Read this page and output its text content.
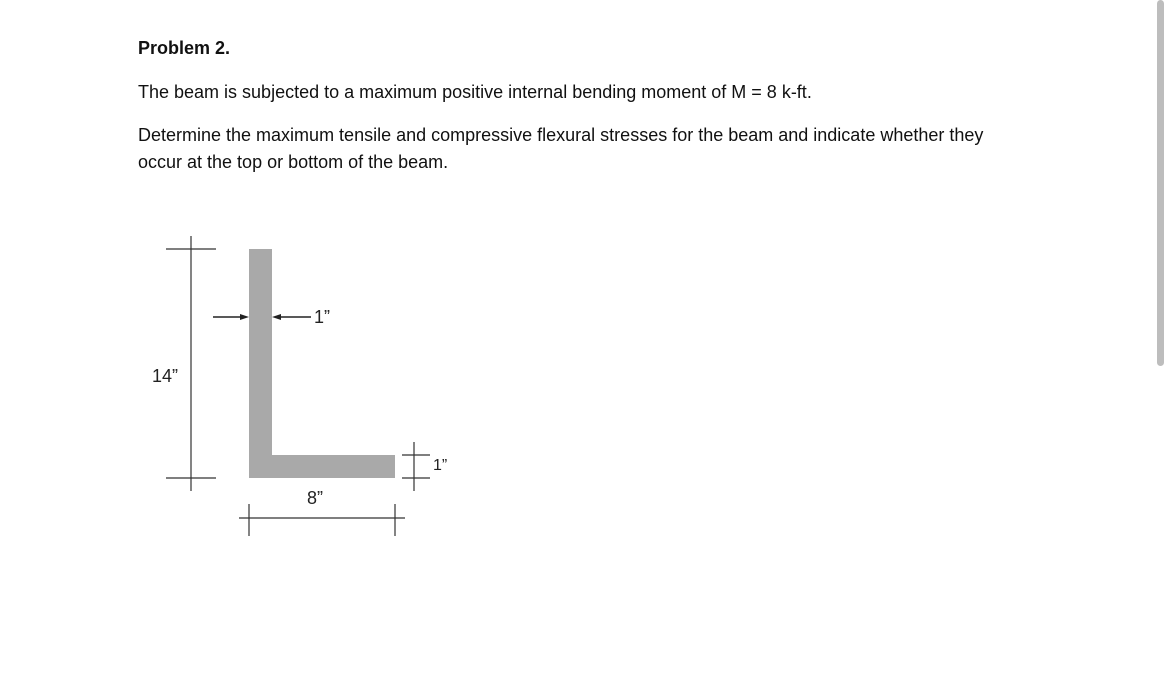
Problem 2.

The beam is subjected to a maximum positive internal bending moment of M = 8 k-ft.

Determine the maximum tensile and compressive flexural stresses for the beam and indicate whether they occur at the top or bottom of the beam.

14”
1”
1”
8”
